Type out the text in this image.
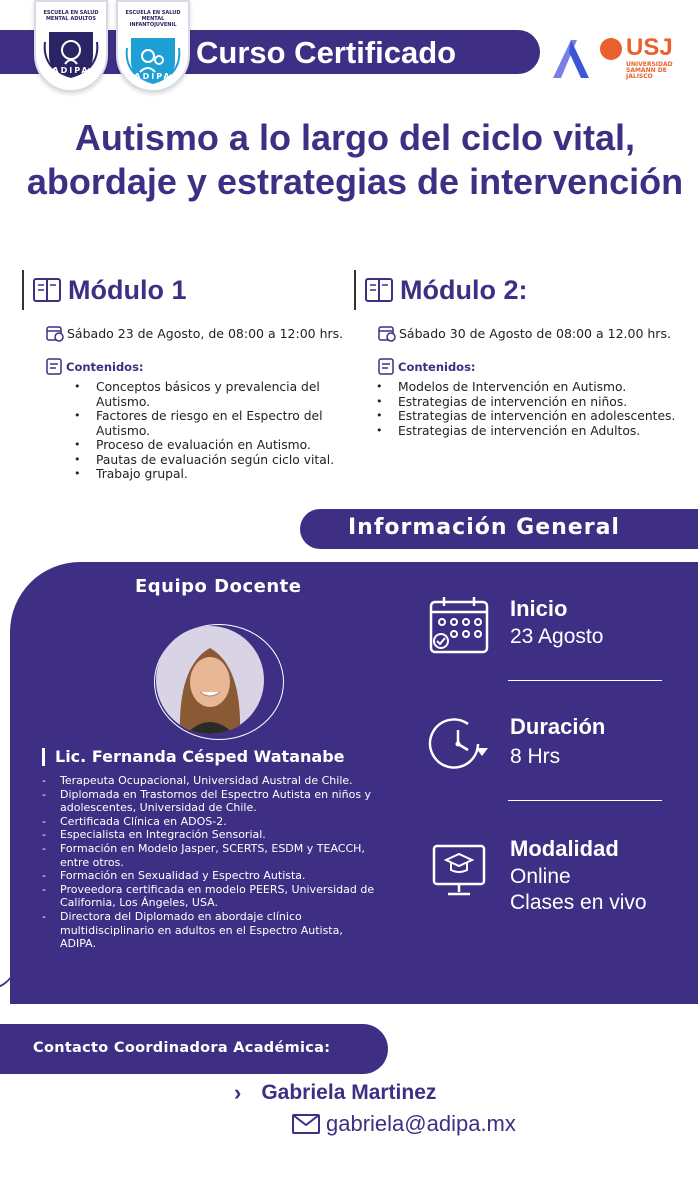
Curso Certificado
ESCUELA EN SALUD MENTAL ADULTOS
ADIPA
ESCUELA EN SALUD MENTAL INFANTOJUVENIL
ADIPA
USJ
UNIVERSIDAD SAMANN DE JALISCO
Autismo a lo largo del ciclo vital, abordaje y estrategias de intervención
Módulo 1
Sábado 23 de Agosto, de 08:00 a 12:00 hrs.
Contenidos:
• Conceptos básicos y prevalencia del Autismo.
• Factores de riesgo en el Espectro del Autismo.
• Proceso de evaluación en Autismo.
• Pautas de evaluación según ciclo vital.
• Trabajo grupal.
Módulo 2:
Sábado 30 de Agosto de 08:00 a 12.00 hrs.
Contenidos:
• Modelos de Intervención en Autismo.
• Estrategias de intervención en niños.
• Estrategias de intervención en adolescentes.
• Estrategias de intervención en Adultos.
Información General
Equipo Docente
Lic. Fernanda Césped Watanabe
- Terapeuta Ocupacional, Universidad Austral de Chile.
- Diplomada en Trastornos del Espectro Autista en niños y adolescentes, Universidad de Chile.
- Certificada Clínica en ADOS-2.
- Especialista en Integración Sensorial.
- Formación en Modelo Jasper, SCERTS, ESDM y TEACCH, entre otros.
- Formación en Sexualidad y Espectro Autista.
- Proveedora certificada en modelo PEERS, Universidad de California, Los Ángeles, USA.
- Directora del Diplomado en abordaje clínico multidisciplinario en adultos en el Espectro Autista, ADIPA.
Inicio
23 Agosto
Duración
8 Hrs
Modalidad
Online
Clases en vivo
Contacto Coordinadora Académica:
› Gabriela Martinez
gabriela@adipa.mx
